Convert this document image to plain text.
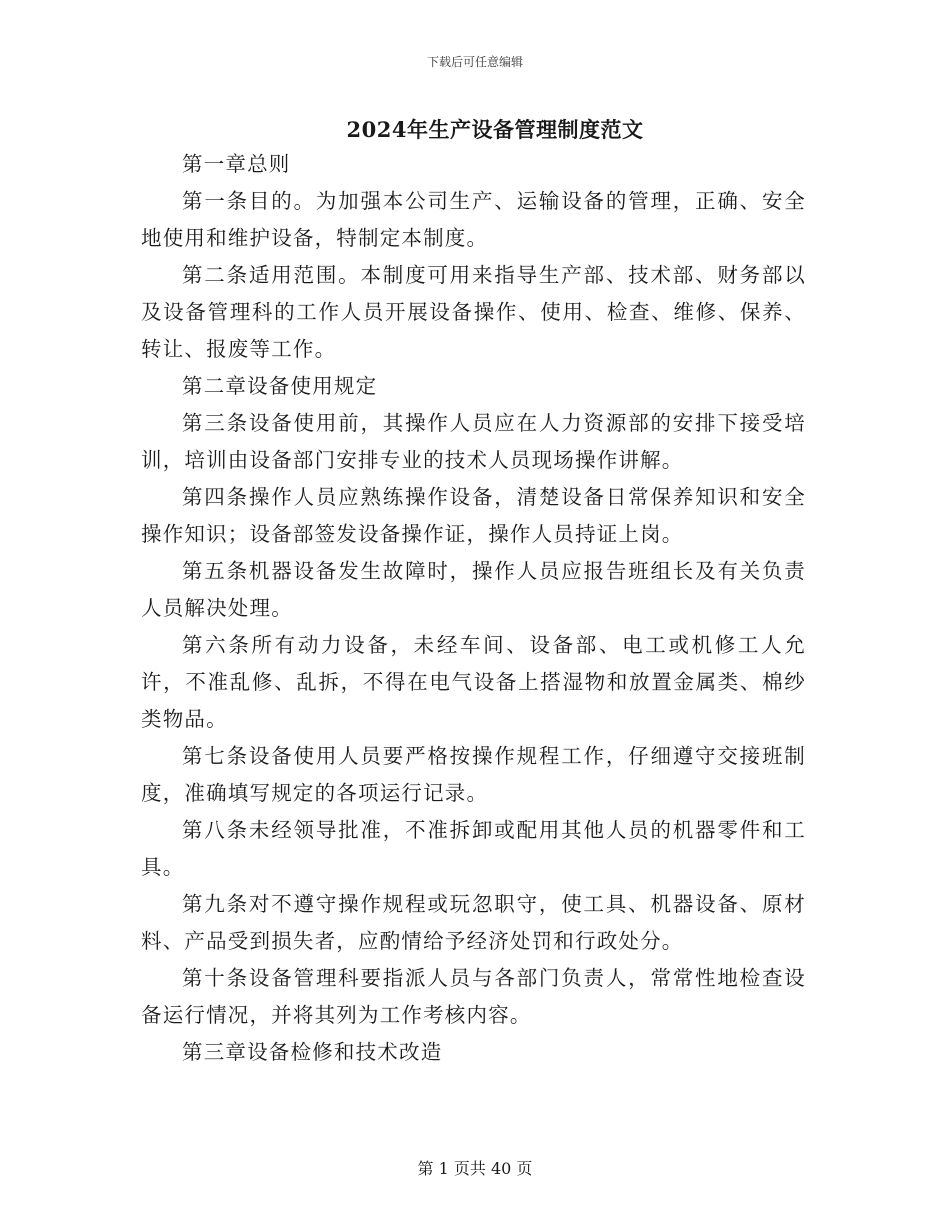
下载后可任意编辑
2024年生产设备管理制度范文

第一章总则

第一条目的。为加强本公司生产、运输设备的管理，正确、安全地使用和维护设备，特制定本制度。

第二条适用范围。本制度可用来指导生产部、技术部、财务部以及设备管理科的工作人员开展设备操作、使用、检查、维修、保养、转让、报废等工作。

第二章设备使用规定

第三条设备使用前，其操作人员应在人力资源部的安排下接受培训，培训由设备部门安排专业的技术人员现场操作讲解。

第四条操作人员应熟练操作设备，清楚设备日常保养知识和安全操作知识；设备部签发设备操作证，操作人员持证上岗。

第五条机器设备发生故障时，操作人员应报告班组长及有关负责人员解决处理。

第六条所有动力设备，未经车间、设备部、电工或机修工人允许，不准乱修、乱拆，不得在电气设备上搭湿物和放置金属类、棉纱类物品。

第七条设备使用人员要严格按操作规程工作，仔细遵守交接班制度，准确填写规定的各项运行记录。

第八条未经领导批准，不准拆卸或配用其他人员的机器零件和工具。

第九条对不遵守操作规程或玩忽职守，使工具、机器设备、原材料、产品受到损失者，应酌情给予经济处罚和行政处分。

第十条设备管理科要指派人员与各部门负责人，常常性地检查设备运行情况，并将其列为工作考核内容。

第三章设备检修和技术改造

第 1 页共 40 页
